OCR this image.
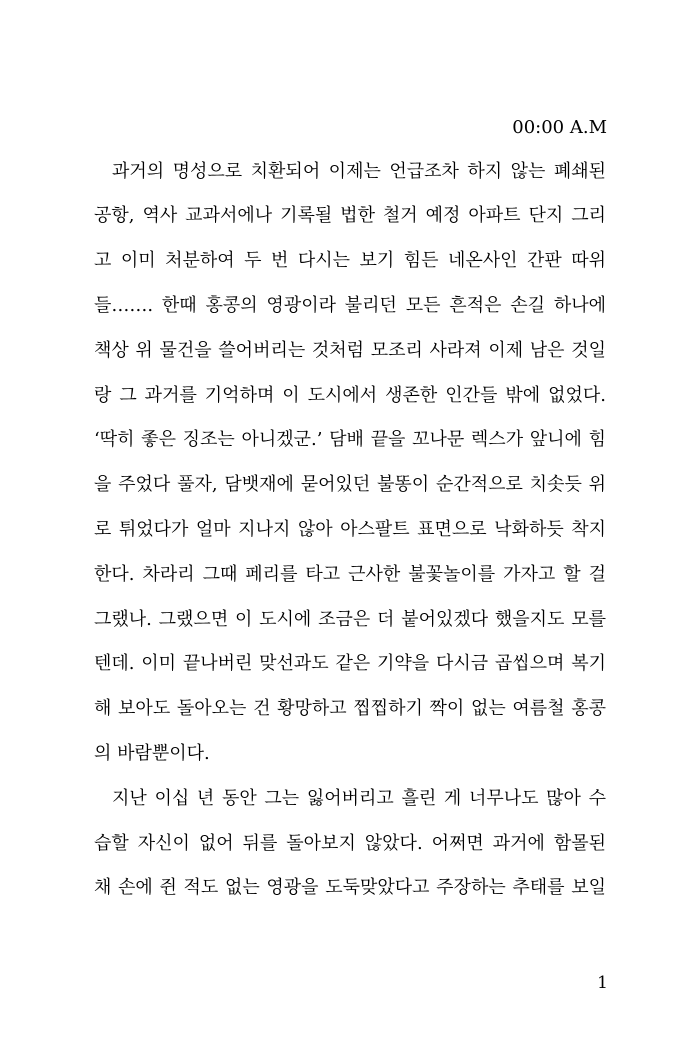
00:00 A.M
과거의 명성으로 치환되어 이제는 언급조차 하지 않는 폐쇄된
공항, 역사 교과서에나 기록될 법한 철거 예정 아파트 단지 그리
고 이미 처분하여 두 번 다시는 보기 힘든 네온사인 간판 따위
들……. 한때 홍콩의 영광이라 불리던 모든 흔적은 손길 하나에
책상 위 물건을 쓸어버리는 것처럼 모조리 사라져 이제 남은 것일
랑 그 과거를 기억하며 이 도시에서 생존한 인간들 밖에 없었다.
‘딱히 좋은 징조는 아니겠군.’ 담배 끝을 꼬나문 렉스가 앞니에 힘
을 주었다 풀자, 담뱃재에 묻어있던 불똥이 순간적으로 치솟듯 위
로 튀었다가 얼마 지나지 않아 아스팔트 표면으로 낙화하듯 착지
한다. 차라리 그때 페리를 타고 근사한 불꽃놀이를 가자고 할 걸
그랬나. 그랬으면 이 도시에 조금은 더 붙어있겠다 했을지도 모를
텐데. 이미 끝나버린 맞선과도 같은 기약을 다시금 곱씹으며 복기
해 보아도 돌아오는 건 황망하고 찝찝하기 짝이 없는 여름철 홍콩
의 바람뿐이다.
지난 이십 년 동안 그는 잃어버리고 흘린 게 너무나도 많아 수
습할 자신이 없어 뒤를 돌아보지 않았다. 어쩌면 과거에 함몰된
채 손에 쥔 적도 없는 영광을 도둑맞았다고 주장하는 추태를 보일
1
